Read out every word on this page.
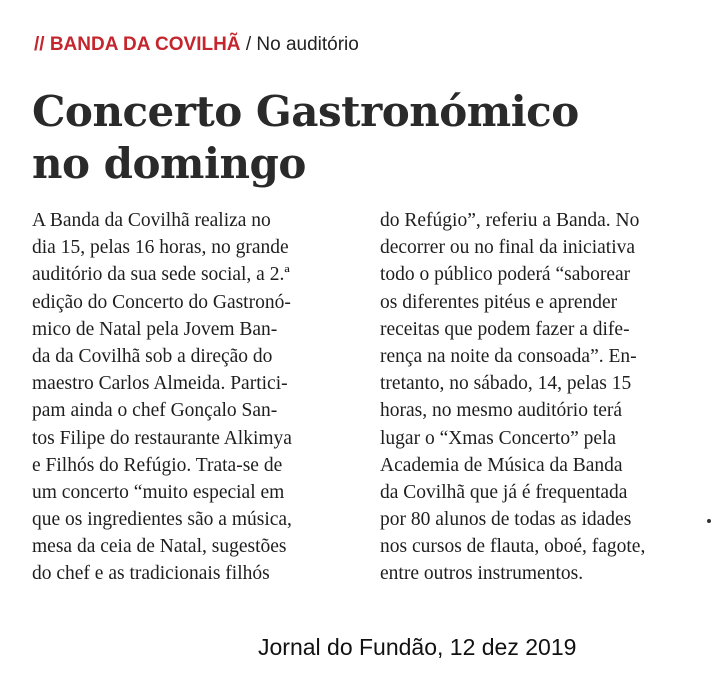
// BANDA DA COVILHÃ / No auditório
Concerto Gastronómico
no domingo
A Banda da Covilhã realiza no
dia 15, pelas 16 horas, no grande
auditório da sua sede social, a 2.ª
edição do Concerto do Gastronó-
mico de Natal pela Jovem Ban-
da da Covilhã sob a direção do
maestro Carlos Almeida. Partici-
pam ainda o chef Gonçalo San-
tos Filipe do restaurante Alkimya
e Filhós do Refúgio. Trata-se de
um concerto “muito especial em
que os ingredientes são a música,
mesa da ceia de Natal, sugestões
do chef e as tradicionais filhós
do Refúgio”, referiu a Banda. No
decorrer ou no final da iniciativa
todo o público poderá “saborear
os diferentes pitéus e aprender
receitas que podem fazer a dife-
rença na noite da consoada”. En-
tretanto, no sábado, 14, pelas 15
horas, no mesmo auditório terá
lugar o “Xmas Concerto” pela
Academia de Música da Banda
da Covilhã que já é frequentada
por 80 alunos de todas as idades
nos cursos de flauta, oboé, fagote,
entre outros instrumentos.
Jornal do Fundão, 12 dez 2019
